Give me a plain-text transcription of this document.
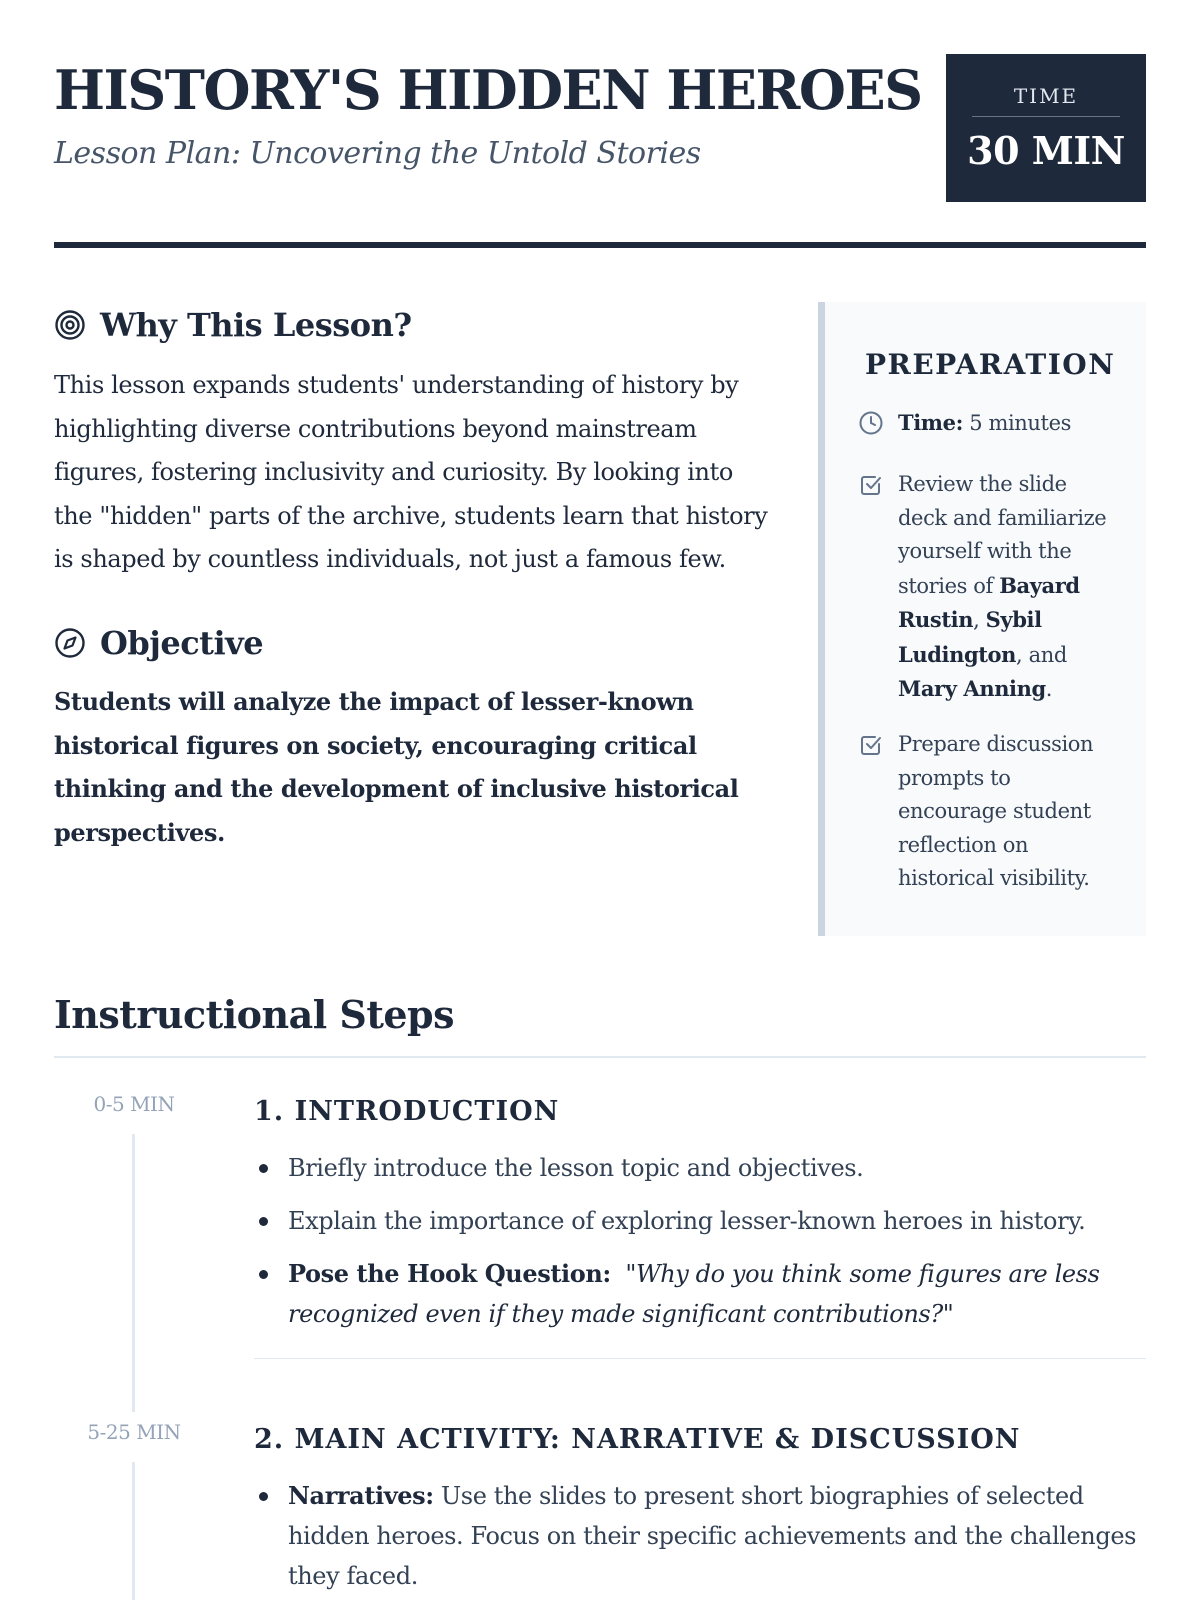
HISTORY'S HIDDEN HEROES
Lesson Plan: Uncovering the Untold Stories
TIME
30 MIN
Why This Lesson?

This lesson expands students' understanding of history by highlighting diverse contributions beyond mainstream figures, fostering inclusivity and curiosity. By looking into the "hidden" parts of the archive, students learn that history is shaped by countless individuals, not just a famous few.

Objective

Students will analyze the impact of lesser-known historical figures on society, encouraging critical thinking and the development of inclusive historical perspectives.

PREPARATION
Time: 5 minutes
Review the slide deck and familiarize yourself with the stories of Bayard Rustin, Sybil Ludington, and Mary Anning.
Prepare discussion prompts to encourage student reflection on historical visibility.
Instructional Steps
0-5 MIN	1. INTRODUCTION
Briefly introduce the lesson topic and objectives.
Explain the importance of exploring lesser-known heroes in history.
Pose the Hook Question: "Why do you think some figures are less recognized even if they made significant contributions?"
5-25 MIN	2. MAIN ACTIVITY: NARRATIVE & DISCUSSION
Narratives: Use the slides to present short biographies of selected hidden heroes. Focus on their specific achievements and the challenges they faced.
